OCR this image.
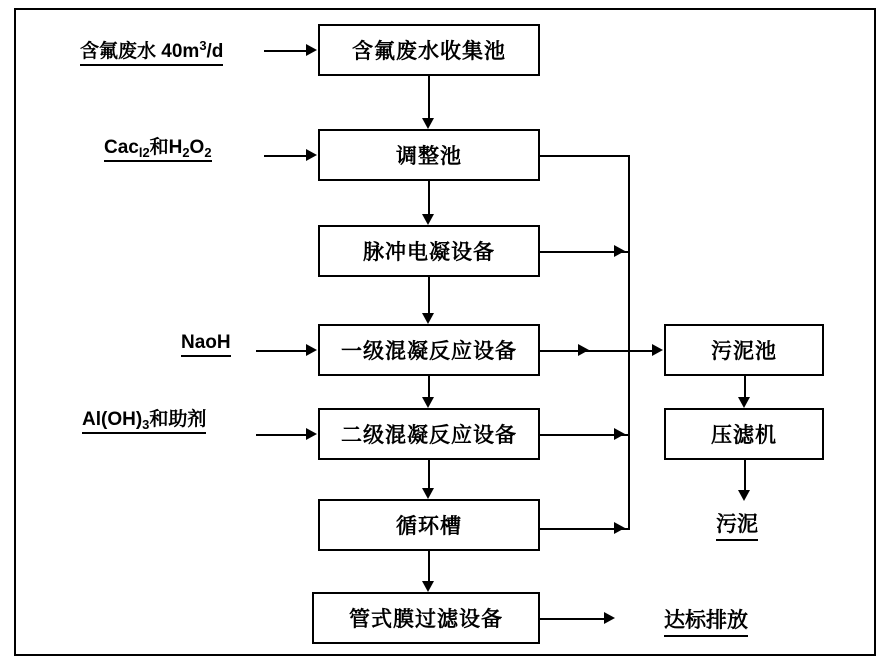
含氟废水 $40m^3/d$
Cac$_{l2}$和$H_2O_2$
NaoH
$Al(OH)_3$和助剂
含氟废水收集池
调整池
脉冲电凝设备
一级混凝反应设备
二级混凝反应设备
循环槽
管式膜过滤设备
污泥池
压滤机
污泥
达标排放
